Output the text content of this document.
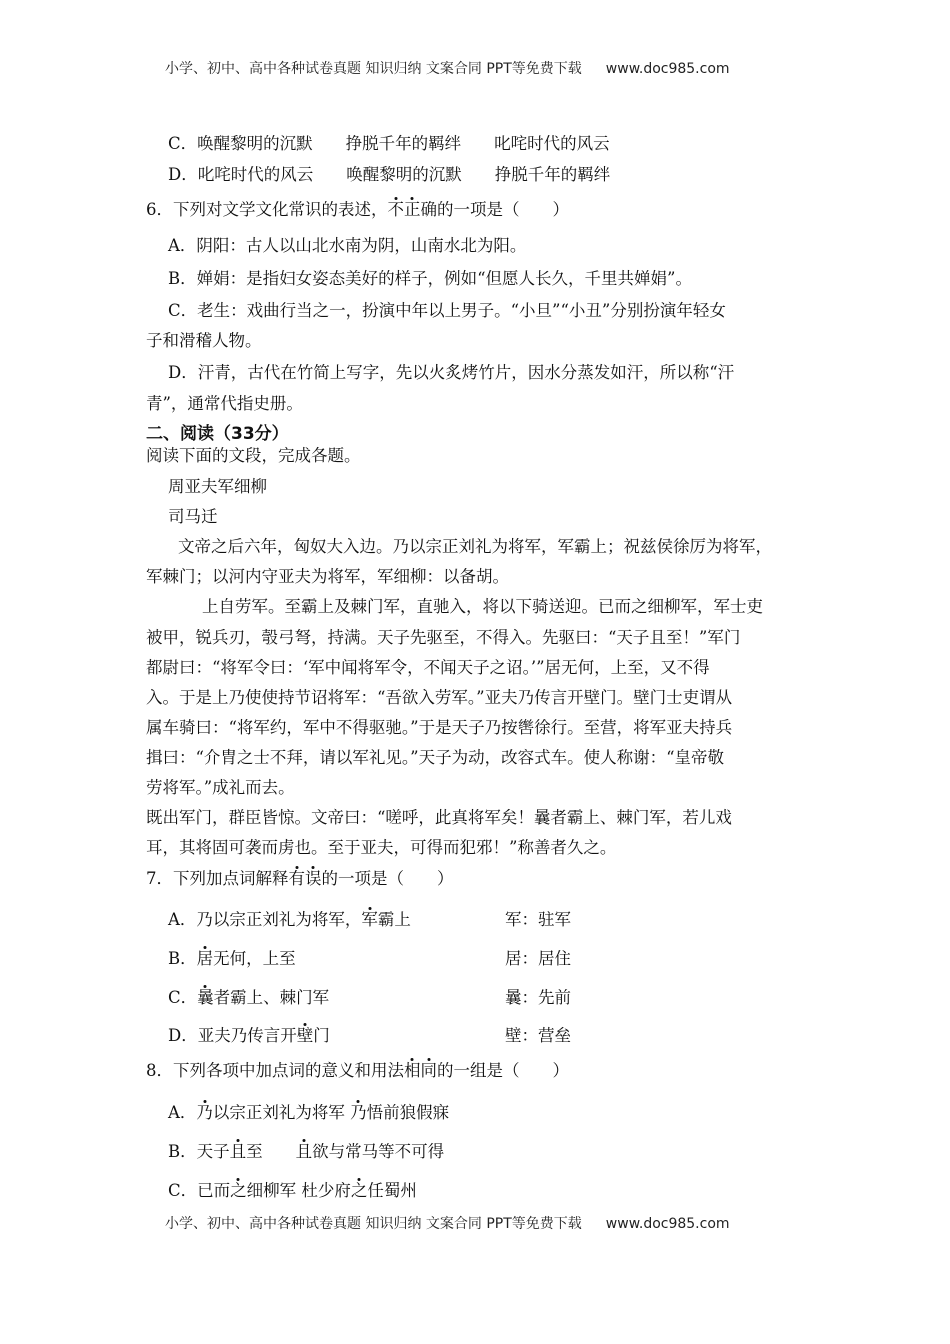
小学、初中、高中各种试卷真题 知识归纳 文案合同 PPT等免费下载 www.doc985.com
C．唤醒黎明的沉默　　挣脱千年的羁绊　　叱咤时代的风云
D．叱咤时代的风云　　唤醒黎明的沉默　　挣脱千年的羁绊
6．下列对文学文化常识的表述，不正确的一项是（　　）
A．阴阳：古人以山北水南为阴，山南水北为阳。
B．婵娟：是指妇女姿态美好的样子，例如“但愿人长久，千里共婵娟”。
C．老生：戏曲行当之一，扮演中年以上男子。“小旦”“小丑”分别扮演年轻女
子和滑稽人物。
D．汗青，古代在竹简上写字，先以火炙烤竹片，因水分蒸发如汗，所以称“汗
青”，通常代指史册。
二、阅读（33分）
阅读下面的文段，完成各题。
周亚夫军细柳
司马迁
文帝之后六年，匈奴大入边。乃以宗正刘礼为将军，军霸上；祝兹侯徐厉为将军，
军棘门；以河内守亚夫为将军，军细柳：以备胡。
上自劳军。至霸上及棘门军，直驰入，将以下骑送迎。已而之细柳军，军士吏
被甲，锐兵刃，彀弓弩，持满。天子先驱至，不得入。先驱曰：“天子且至！”军门
都尉曰：“将军令曰：‘军中闻将军令，不闻天子之诏。’”居无何，上至，又不得
入。于是上乃使使持节诏将军：“吾欲入劳军。”亚夫乃传言开壁门。壁门士吏谓从
属车骑曰：“将军约，军中不得驱驰。”于是天子乃按辔徐行。至营，将军亚夫持兵
揖曰：“介胄之士不拜，请以军礼见。”天子为动，改容式车。使人称谢：“皇帝敬
劳将军。”成礼而去。
既出军门，群臣皆惊。文帝曰：“嗟呼，此真将军矣！曩者霸上、棘门军，若儿戏
耳，其将固可袭而虏也。至于亚夫，可得而犯邪！”称善者久之。
7．下列加点词解释有误的一项是（　　）
A．乃以宗正刘礼为将军，军霸上	军：驻军
B．居无何，上至	居：居住
C．曩者霸上、棘门军	曩：先前
D．亚夫乃传言开壁门	壁：营垒
8．下列各项中加点词的意义和用法相同的一组是（　　）
A．乃以宗正刘礼为将军 乃悟前狼假寐
B．天子且至　　且欲与常马等不可得
C．已而之细柳军 杜少府之任蜀州
小学、初中、高中各种试卷真题 知识归纳 文案合同 PPT等免费下载 www.doc985.com
